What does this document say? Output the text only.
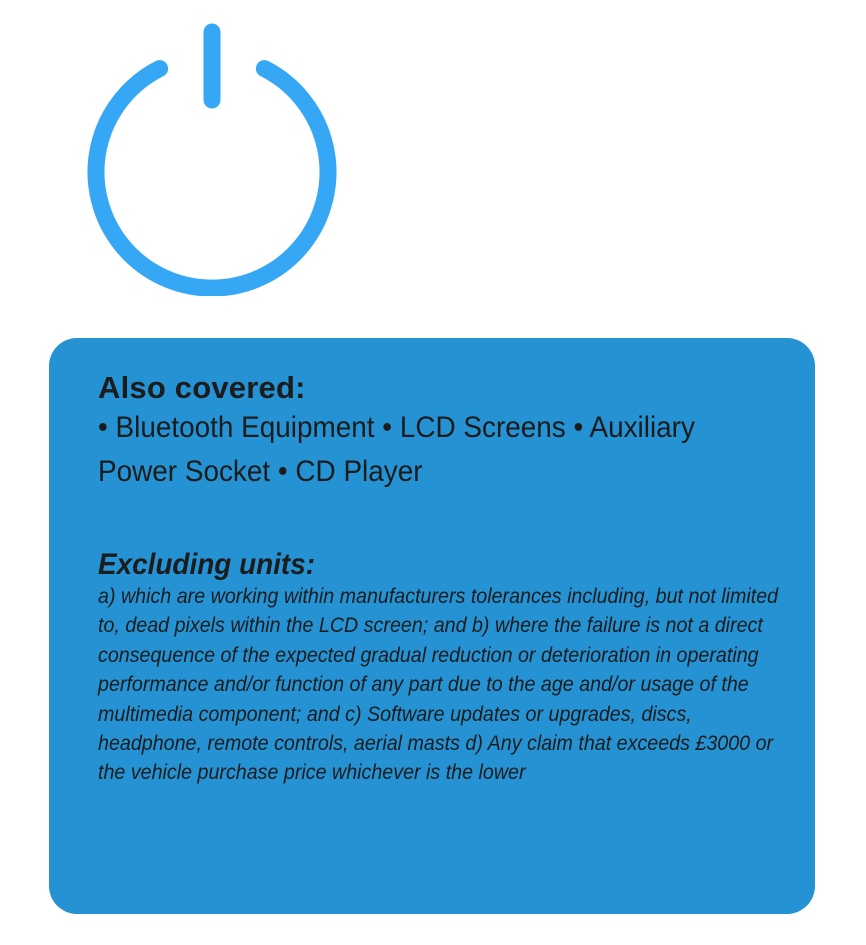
Also covered:

• Bluetooth Equipment • LCD Screens • Auxiliary Power Socket • CD Player

Excluding units:

a) which are working within manufacturers tolerances including, but not limited to, dead pixels within the LCD screen; and b) where the failure is not a direct consequence of the expected gradual reduction or deterioration in operating performance and/or function of any part due to the age and/or usage of the multimedia component; and c) Software updates or upgrades, discs, headphone, remote controls, aerial masts d) Any claim that exceeds £3000 or the vehicle purchase price whichever is the lower
